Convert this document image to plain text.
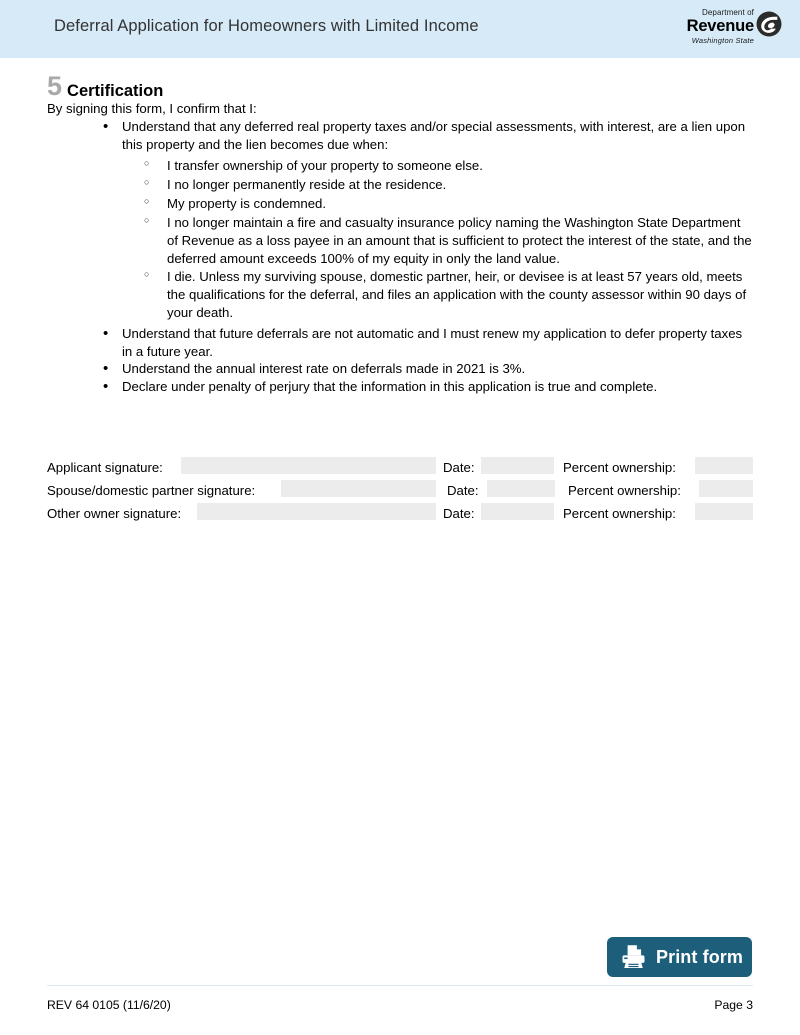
Deferral Application for Homeowners with Limited Income
Department of
Revenue
Washington State
5 Certification

By signing this form, I confirm that I:

• Understand that any deferred real property taxes and/or special assessments, with interest, are a lien upon this property and the lien becomes due when:
○ I transfer ownership of your property to someone else.
○ I no longer permanently reside at the residence.
○ My property is condemned.
○ I no longer maintain a fire and casualty insurance policy naming the Washington State Department of Revenue as a loss payee in an amount that is sufficient to protect the interest of the state, and the deferred amount exceeds 100% of my equity in only the land value.
○ I die. Unless my surviving spouse, domestic partner, heir, or devisee is at least 57 years old, meets the qualifications for the deferral, and files an application with the county assessor within 90 days of your death.
• Understand that future deferrals are not automatic and I must renew my application to defer property taxes in a future year.
• Understand the annual interest rate on deferrals made in 2021 is 3%.
• Declare under penalty of perjury that the information in this application is true and complete.
Applicant signature:	Date:	Percent ownership:
Spouse/domestic partner signature:	Date:	Percent ownership:
Other owner signature:	Date:	Percent ownership:
Print form
REV 64 0105 (11/6/20)	Page 3
